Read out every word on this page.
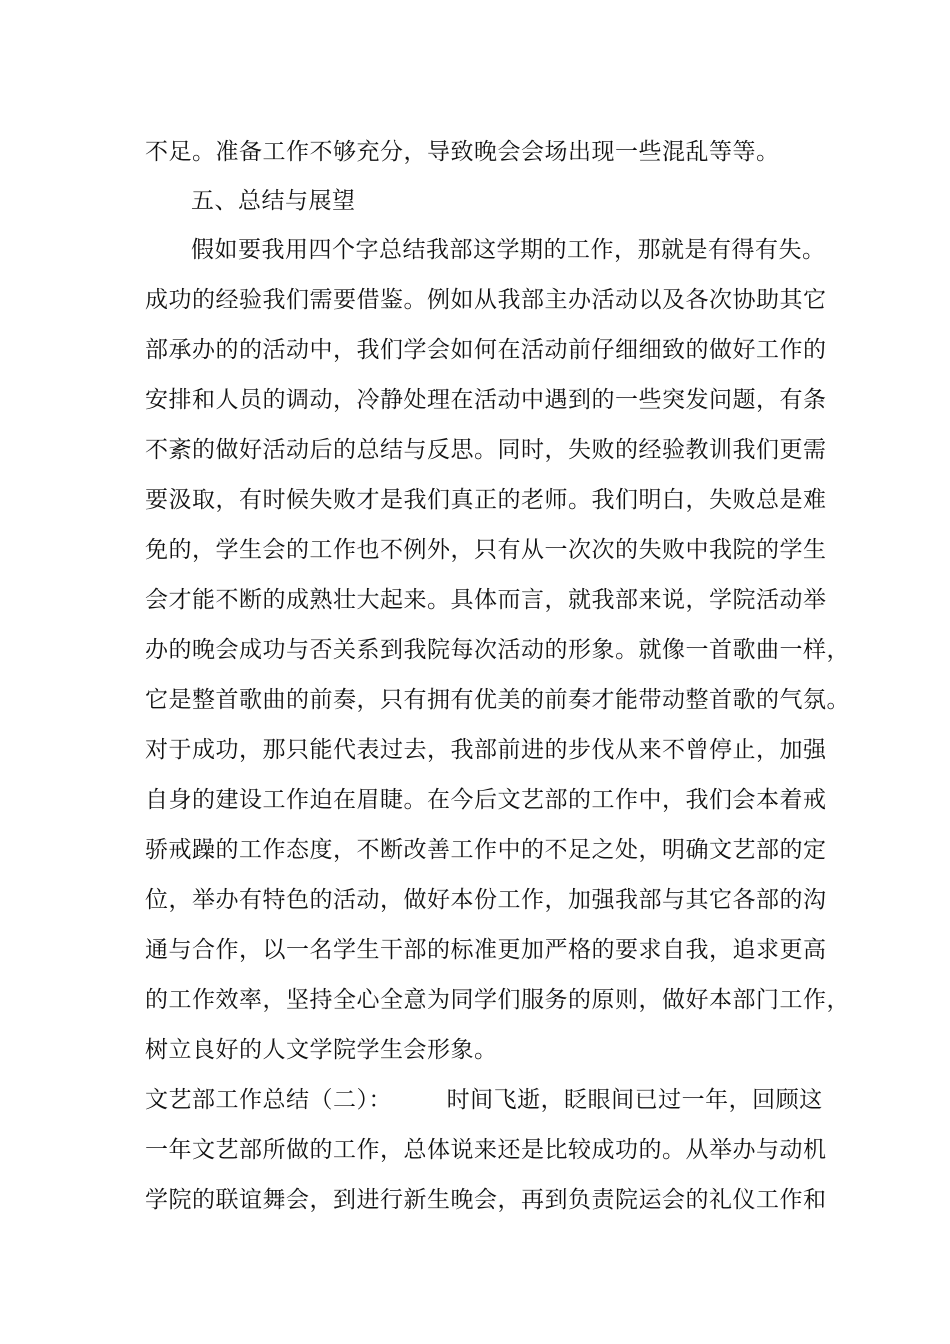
不足。准备工作不够充分，导致晚会会场出现一些混乱等等。
五、总结与展望
假如要我用四个字总结我部这学期的工作，那就是有得有失。
成功的经验我们需要借鉴。例如从我部主办活动以及各次协助其它
部承办的的活动中，我们学会如何在活动前仔细细致的做好工作的
安排和人员的调动，冷静处理在活动中遇到的一些突发问题，有条
不紊的做好活动后的总结与反思。同时，失败的经验教训我们更需
要汲取，有时候失败才是我们真正的老师。我们明白，失败总是难
免的，学生会的工作也不例外，只有从一次次的失败中我院的学生
会才能不断的成熟壮大起来。具体而言，就我部来说，学院活动举
办的晚会成功与否关系到我院每次活动的形象。就像一首歌曲一样，
它是整首歌曲的前奏，只有拥有优美的前奏才能带动整首歌的气氛。
对于成功，那只能代表过去，我部前进的步伐从来不曾停止，加强
自身的建设工作迫在眉睫。在今后文艺部的工作中，我们会本着戒
骄戒躁的工作态度，不断改善工作中的不足之处，明确文艺部的定
位，举办有特色的活动，做好本份工作，加强我部与其它各部的沟
通与合作，以一名学生干部的标准更加严格的要求自我，追求更高
的工作效率，坚持全心全意为同学们服务的原则，做好本部门工作，
树立良好的人文学院学生会形象。
文艺部工作总结（二）：       时间飞逝，眨眼间已过一年，回顾这
一年文艺部所做的工作，总体说来还是比较成功的。从举办与动机
学院的联谊舞会，到进行新生晚会，再到负责院运会的礼仪工作和
